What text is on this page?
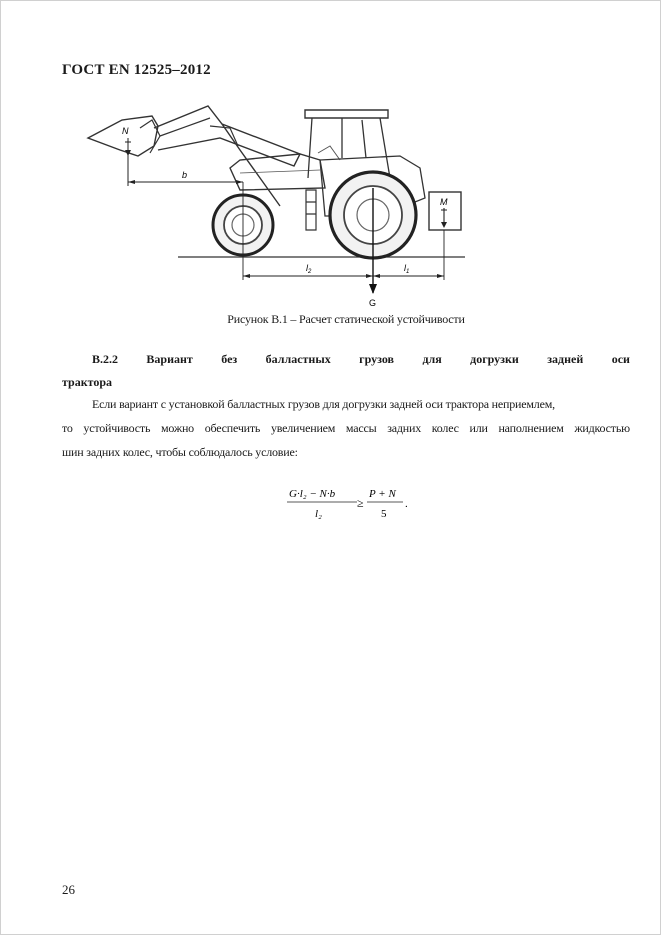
ГОСТ EN 12525–2012
M
N
b
$l_2$	$l_1$
G
Рисунок В.1 – Расчет статической устойчивости
В.2.2 Вариант без балластных грузов для догрузки задней оси
трактора
Если вариант с установкой балластных грузов для догрузки задней оси трактора неприемлем,
то устойчивость можно обеспечить увеличением массы задних колес или наполнением жидкостью
шин задних колес, чтобы соблюдалось условие:
G·l₂ − N·b
l₂
≥
P + N
5
.
26
